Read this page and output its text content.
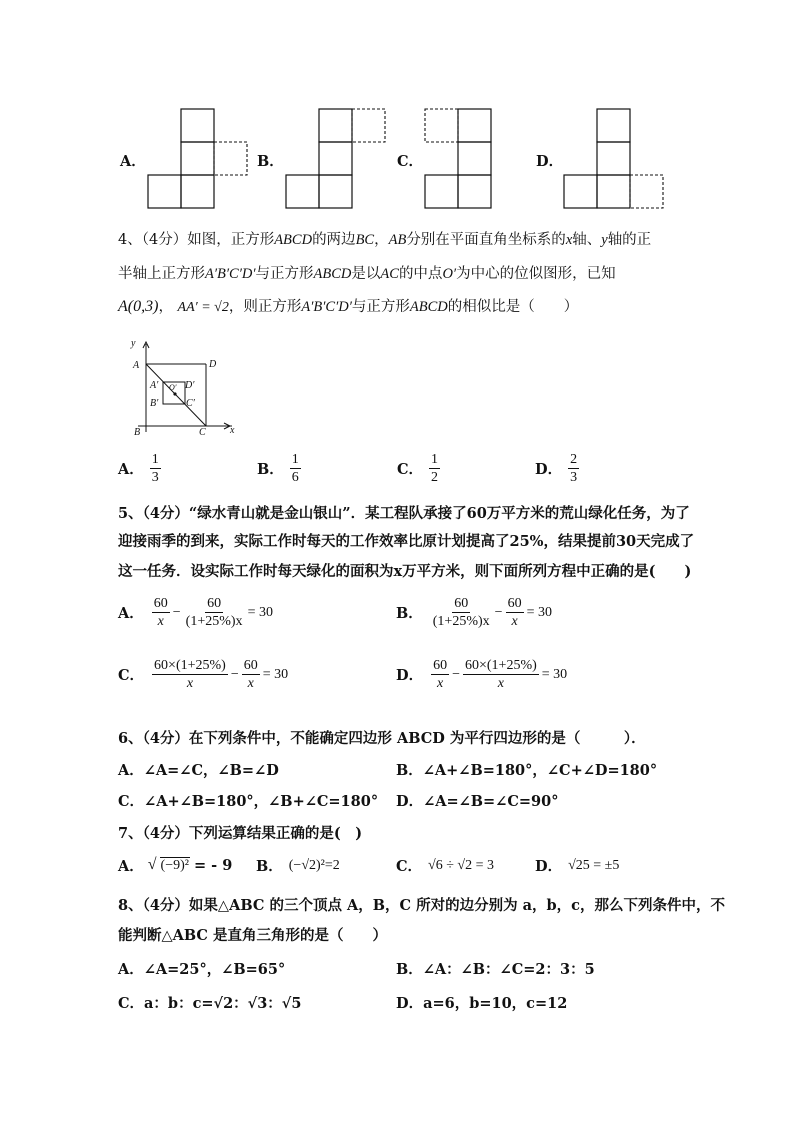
A．	B．	C．	D．
4、（4分）如图，正方形ABCD的两边BC，AB分别在平面直角坐标系的x轴、y轴的正
半轴上正方形A′B′C′D′与正方形ABCD是以AC的中点O′为中心的位似图形，已知
A(0,3)， AA′ = √2，则正方形A′B′C′D′与正方形ABCD的相似比是（　　）
y
x
A	D
B	C
A′	D′
B′	C′
O′
A． $\frac{1}{3}$	B． $\frac{1}{6}$	C． $\frac{1}{2}$	D． $\frac{2}{3}$
5、（4分）“绿水青山就是金山银山”．某工程队承接了60万平方米的荒山绿化任务，为了
迎接雨季的到来，实际工作时每天的工作效率比原计划提高了25%，结果提前30天完成了
这一任务．设实际工作时每天绿化的面积为x万平方米，则下面所列方程中正确的是(　　)
A． $\frac{60}{x} - \frac{60}{(1+25\%)x} = 30$	B． $\frac{60}{(1+25\%)x} - \frac{60}{x} = 30$
C． $\frac{60\times(1+25\%)}{x} - \frac{60}{x} = 30$	D． $\frac{60}{x} - \frac{60\times(1+25\%)}{x} = 30$
6、（4分）在下列条件中，不能确定四边形 ABCD 为平行四边形的是（　　　）．
A．∠A=∠C，∠B=∠D	B．∠A+∠B=180°，∠C+∠D=180°
C．∠A+∠B=180°，∠B+∠C=180° D．∠A=∠B=∠C=90°
7、（4分）下列运算结果正确的是(　)
A． √ (−9)² = - 9 B． (−√2)²=2	C． √6 ÷ √2 = 3	D． √25 = ±5
8、（4分）如果△ABC 的三个顶点 A，B，C 所对的边分别为 a，b，c，那么下列条件中，不
能判断△ABC 是直角三角形的是（　　）
A．∠A=25°，∠B=65°	B．∠A：∠B：∠C=2：3：5
C．a：b：c=√2：√3：√5	D．a=6，b=10，c=12
